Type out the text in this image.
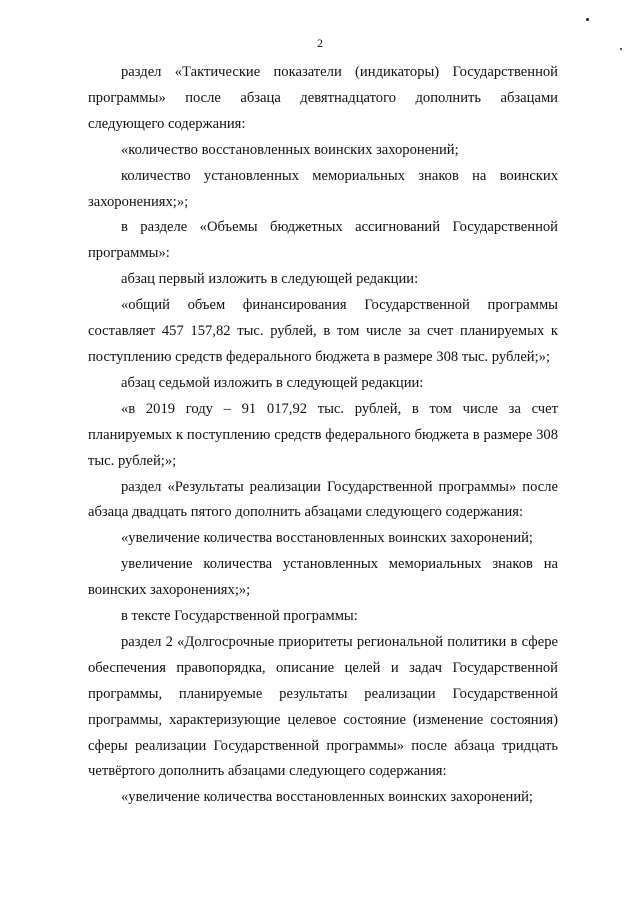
2

раздел «Тактические показатели (индикаторы) Государственной программы» после абзаца девятнадцатого дополнить абзацами следующего содержания:

«количество восстановленных воинских захоронений;

количество установленных мемориальных знаков на воинских захоронениях;»;

в разделе «Объемы бюджетных ассигнований Государственной программы»:

абзац первый изложить в следующей редакции:

«общий объем финансирования Государственной программы составляет 457 157,82 тыс. рублей, в том числе за счет планируемых к поступлению средств федерального бюджета в размере 308 тыс. рублей;»;

абзац седьмой изложить в следующей редакции:

«в 2019 году – 91 017,92 тыс. рублей, в том числе за счет планируемых к поступлению средств федерального бюджета в размере 308 тыс. рублей;»;

раздел «Результаты реализации Государственной программы» после абзаца двадцать пятого дополнить абзацами следующего содержания:

«увеличение количества восстановленных воинских захоронений;

увеличение количества установленных мемориальных знаков на воинских захоронениях;»;

в тексте Государственной программы:

раздел 2 «Долгосрочные приоритеты региональной политики в сфере обеспечения правопорядка, описание целей и задач Государственной программы, планируемые результаты реализации Государственной программы, характеризующие целевое состояние (изменение состояния) сферы реализации Государственной программы» после абзаца тридцать четвёртого дополнить абзацами следующего содержания:

«увеличение количества восстановленных воинских захоронений;
